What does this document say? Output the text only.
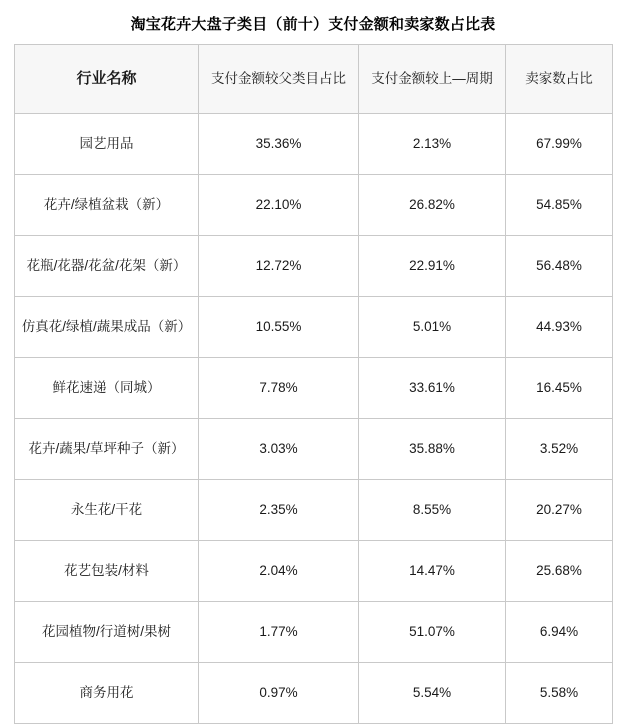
淘宝花卉大盘子类目（前十）支付金额和卖家数占比表
行业名称	支付金额较父类目占比	支付金额较上—周期	卖家数占比
园艺用品	35.36%	2.13%	67.99%
花卉/绿植盆栽（新）	22.10%	26.82%	54.85%
花瓶/花器/花盆/花架（新）	12.72%	22.91%	56.48%
仿真花/绿植/蔬果成品（新）	10.55%	5.01%	44.93%
鲜花速递（同城）	7.78%	33.61%	16.45%
花卉/蔬果/草坪种子（新）	3.03%	35.88%	3.52%
永生花/干花	2.35%	8.55%	20.27%
花艺包装/材料	2.04%	14.47%	25.68%
花园植物/行道树/果树	1.77%	51.07%	6.94%
商务用花	0.97%	5.54%	5.58%
